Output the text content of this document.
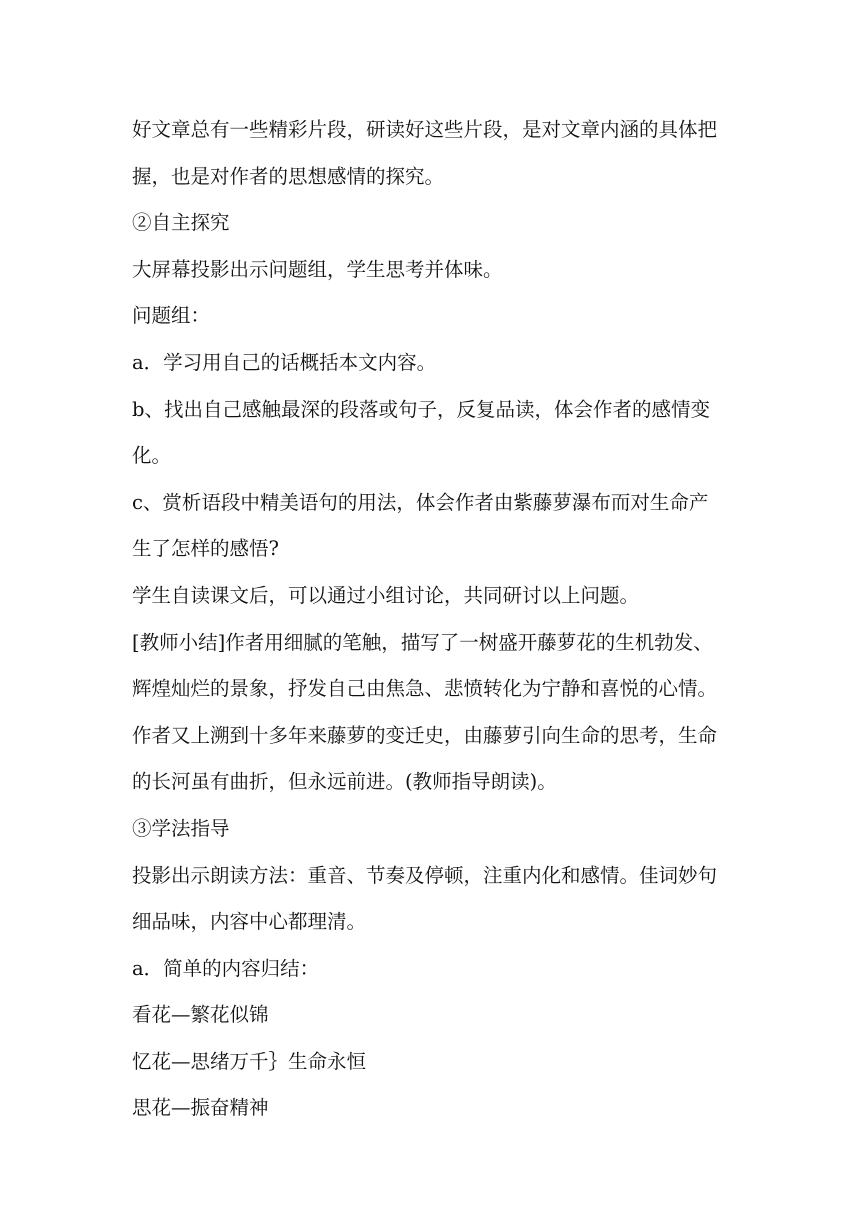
好文章总有一些精彩片段，研读好这些片段，是对文章内涵的具体把
握，也是对作者的思想感情的探究。
②自主探究
大屏幕投影出示问题组，学生思考并体味。
问题组：
a．学习用自己的话概括本文内容。
b、找出自己感触最深的段落或句子，反复品读，体会作者的感情变
化。
c、赏析语段中精美语句的用法，体会作者由紫藤萝瀑布而对生命产
生了怎样的感悟?
学生自读课文后，可以通过小组讨论，共同研讨以上问题。
[教师小结]作者用细腻的笔触，描写了一树盛开藤萝花的生机勃发、
辉煌灿烂的景象，抒发自己由焦急、悲愤转化为宁静和喜悦的心情。
作者又上溯到十多年来藤萝的变迁史，由藤萝引向生命的思考，生命
的长河虽有曲折，但永远前进。(教师指导朗读)。
③学法指导
投影出示朗读方法：重音、节奏及停顿，注重内化和感情。佳词妙句
细品味，内容中心都理清。
a．简单的内容归结：
看花—繁花似锦
忆花—思绪万千｝生命永恒
思花—振奋精神
